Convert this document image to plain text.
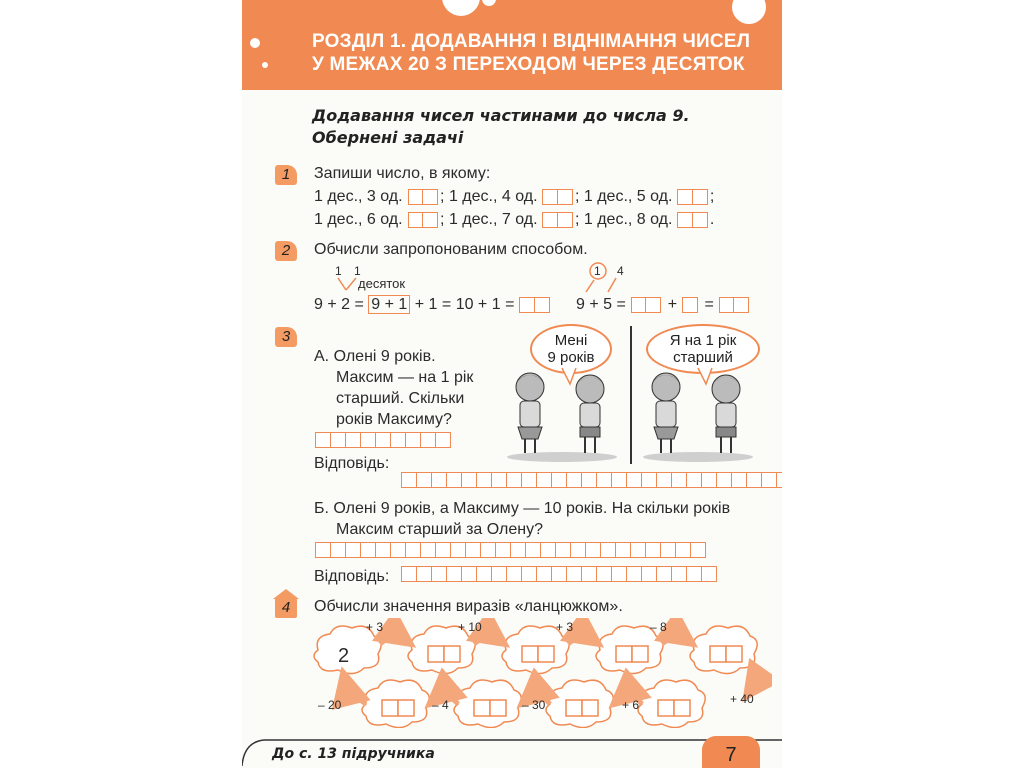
РОЗДІЛ 1. ДОДАВАННЯ І ВІДНІМАННЯ ЧИСЕЛ
У МЕЖАХ 20 З ПЕРЕХОДОМ ЧЕРЕЗ ДЕСЯТОК
Додавання чисел частинами до числа 9.
Обернені задачі
1	Запиши число, в якому:
1 дес., 3 од. ; 1 дес., 4 од. ; 1 дес., 5 од. ;
1 дес., 6 од. ; 1 дес., 7 од. ; 1 дес., 8 од. .
2	Обчисли запропонованим способом.
1 1
десяток
9 + 2 = 9 + 1 + 1 = 10 + 1 =
1 4
9 + 5 =	+ =
3
А. Олені 9 років.
Максим — на 1 рік
старший. Скільки
років Максиму?
Відповідь:
Мені
9 років
Я на 1 рік
старший
Б. Олені 9 років, а Максиму — 10 років. На скільки років
Максим старший за Олену?
Відповідь:
4	Обчисли значення виразів «ланцюжком».
2
+ 3	+ 10	+ 3	– 8
+ 40
– 20	– 4	– 30	+ 6
До с. 13 підручника	7
